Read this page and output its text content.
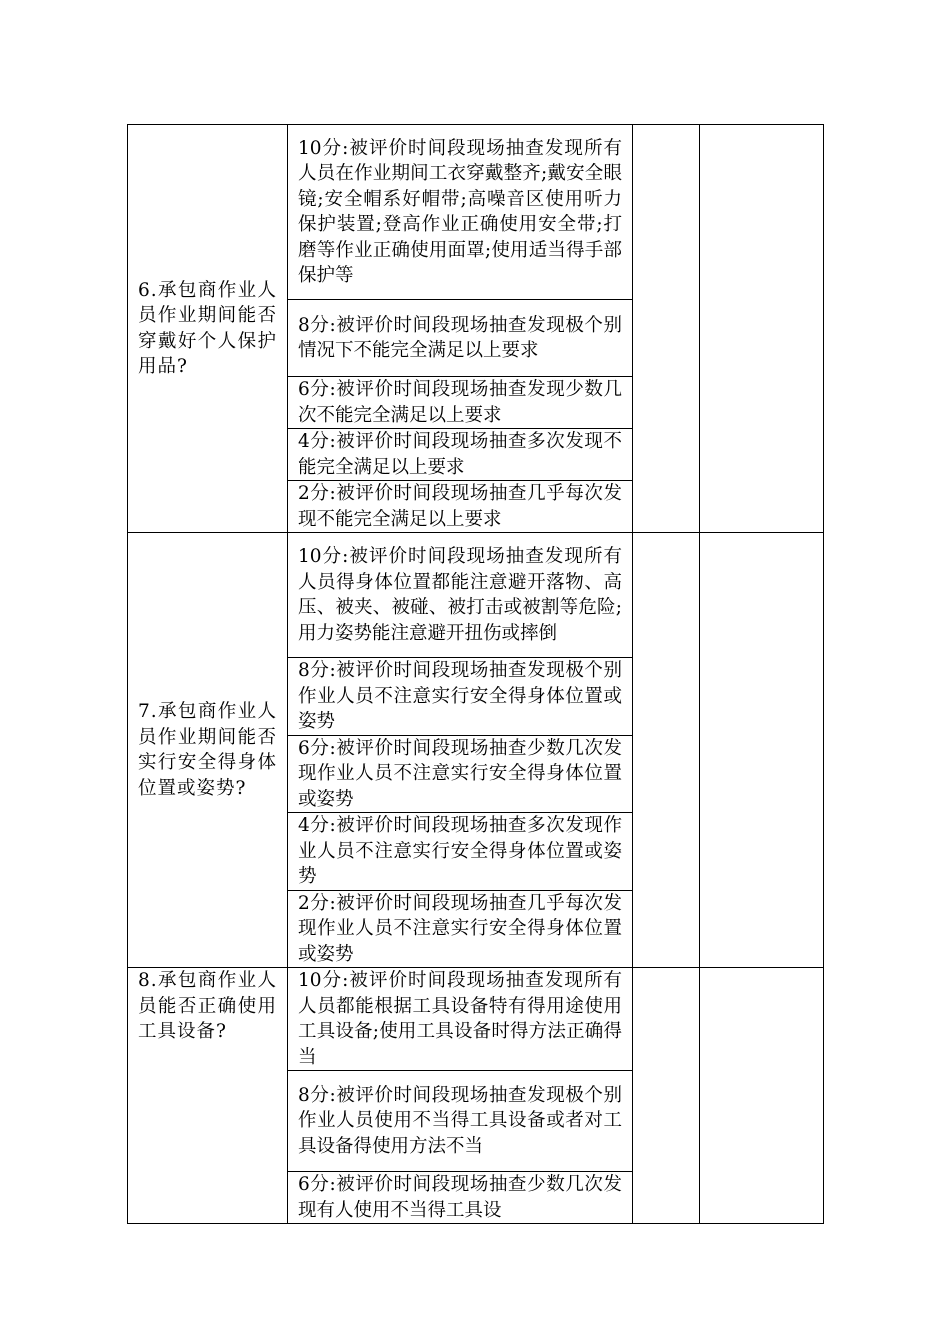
6.承包商作业人员作业期间能否穿戴好个人保护用品?	10分:被评价时间段现场抽查发现所有人员在作业期间工衣穿戴整齐;戴安全眼镜;安全帽系好帽带;高噪音区使用听力保护装置;登高作业正确使用安全带;打磨等作业正确使用面罩;使用适当得手部保护等		
	8分:被评价时间段现场抽查发现极个别情况下不能完全满足以上要求		
	6分:被评价时间段现场抽查发现少数几次不能完全满足以上要求		
	4分:被评价时间段现场抽查多次发现不能完全满足以上要求		
	2分:被评价时间段现场抽查几乎每次发现不能完全满足以上要求		
7.承包商作业人员作业期间能否实行安全得身体位置或姿势?	10分:被评价时间段现场抽查发现所有人员得身体位置都能注意避开落物、高压、被夹、被碰、被打击或被割等危险;用力姿势能注意避开扭伤或摔倒		
	8分:被评价时间段现场抽查发现极个别作业人员不注意实行安全得身体位置或姿势		
	6分:被评价时间段现场抽查少数几次发现作业人员不注意实行安全得身体位置或姿势		
	4分:被评价时间段现场抽查多次发现作业人员不注意实行安全得身体位置或姿势		
	2分:被评价时间段现场抽查几乎每次发现作业人员不注意实行安全得身体位置或姿势		
8.承包商作业人员能否正确使用工具设备?	10分:被评价时间段现场抽查发现所有人员都能根据工具设备特有得用途使用工具设备;使用工具设备时得方法正确得当		
	8分:被评价时间段现场抽查发现极个别作业人员使用不当得工具设备或者对工具设备得使用方法不当		
	6分:被评价时间段现场抽查少数几次发现有人使用不当得工具设		
